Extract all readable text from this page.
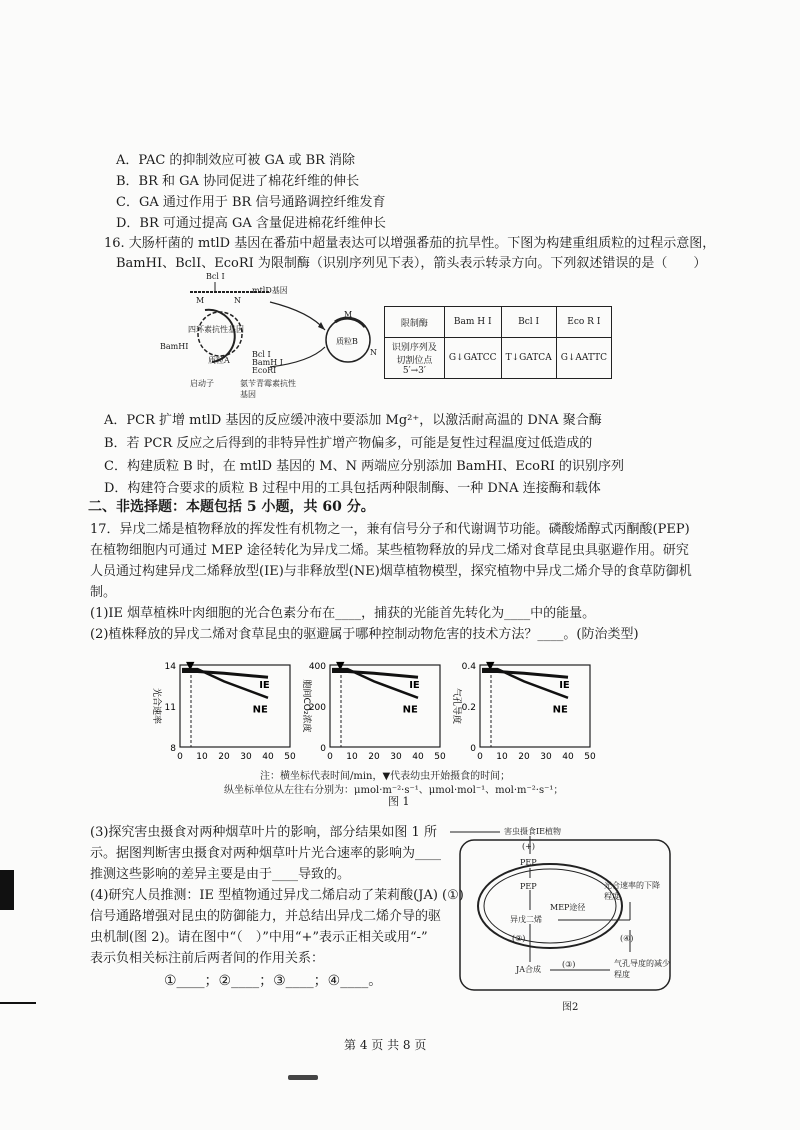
A．PAC 的抑制效应可被 GA 或 BR 消除
B．BR 和 GA 协同促进了棉花纤维的伸长
C．GA 通过作用于 BR 信号通路调控纤维发育
D．BR 可通过提高 GA 含量促进棉花纤维伸长
16. 大肠杆菌的 mtlD 基因在番茄中超量表达可以增强番茄的抗旱性。下图为构建重组质粒的过程示意图，
BamHI、BclI、EcoRI 为限制酶（识别序列见下表），箭头表示转录方向。下列叙述错误的是（　　）
Bcl I
mtlD基因
M	N
四环素抗性基因
质粒A
质粒B
BamHI
Bcl I
BamH I
EcoRI
启动子	氨苄青霉素抗性基因
M
N
限制酶	Bam H I	Bcl I	Eco R I
识别序列及切割位点 5′→3′	G↓GATCC	T↓GATCA	G↓AATTC
A．PCR 扩增 mtlD 基因的反应缓冲液中要添加 Mg²⁺，以激活耐高温的 DNA 聚合酶
B．若 PCR 反应之后得到的非特异性扩增产物偏多，可能是复性过程温度过低造成的
C．构建质粒 B 时，在 mtlD 基因的 M、N 两端应分别添加 BamHI、EcoRI 的识别序列
D．构建符合要求的质粒 B 过程中用的工具包括两种限制酶、一种 DNA 连接酶和载体
二、非选择题：本题包括 5 小题，共 60 分。
17．异戊二烯是植物释放的挥发性有机物之一，兼有信号分子和代谢调节功能。磷酸烯醇式丙酮酸(PEP)
在植物细胞内可通过 MEP 途径转化为异戊二烯。某些植物释放的异戊二烯对食草昆虫具驱避作用。研究
人员通过构建异戊二烯释放型(IE)与非释放型(NE)烟草植物模型，探究植物中异戊二烯介导的食草防御机
制。
(1)IE 烟草植株叶肉细胞的光合色素分布在____，捕获的光能首先转化为____中的能量。
(2)植株释放的异戊二烯对食草昆虫的驱避属于哪种控制动物危害的技术方法？____。(防治类型)
▼
14
11
8
光合速率
0 10 20 30 40 50
IE
NE
▼
400
200
0
胞间CO₂浓度
0 10 20 30 40 50
IE
NE
▼
0.4
0.2
0
气孔导度
0 10 20 30 40 50
IE
NE
注：横坐标代表时间/min，▼代表幼虫开始摄食的时间；
纵坐标单位从左往右分别为：μmol·m⁻²·s⁻¹、μmol·mol⁻¹、mol·m⁻²·s⁻¹；
图 1
(3)探究害虫摄食对两种烟草叶片的影响，部分结果如图 1 所
示。据图判断害虫摄食对两种烟草叶片光合速率的影响为____
推测这些影响的差异主要是由于____导致的。
(4)研究人员推测：IE 型植物通过异戊二烯启动了茉莉酸(JA) (①)
信号通路增强对昆虫的防御能力，并总结出异戊二烯介导的驱
虫机制(图 2)。请在图中“（　）”中用“+”表示正相关或用“-”
表示负相关标注前后两者间的作用关系：
①____；②____；③____；④____。
害虫摄食IE植物
(+)
PEP
PEP
MEP途径
异戊二烯
(②)
JA合成
(③)	气孔导度的减少程度
(④)
光合速率的下降程度
图2
第 4 页 共 8 页
